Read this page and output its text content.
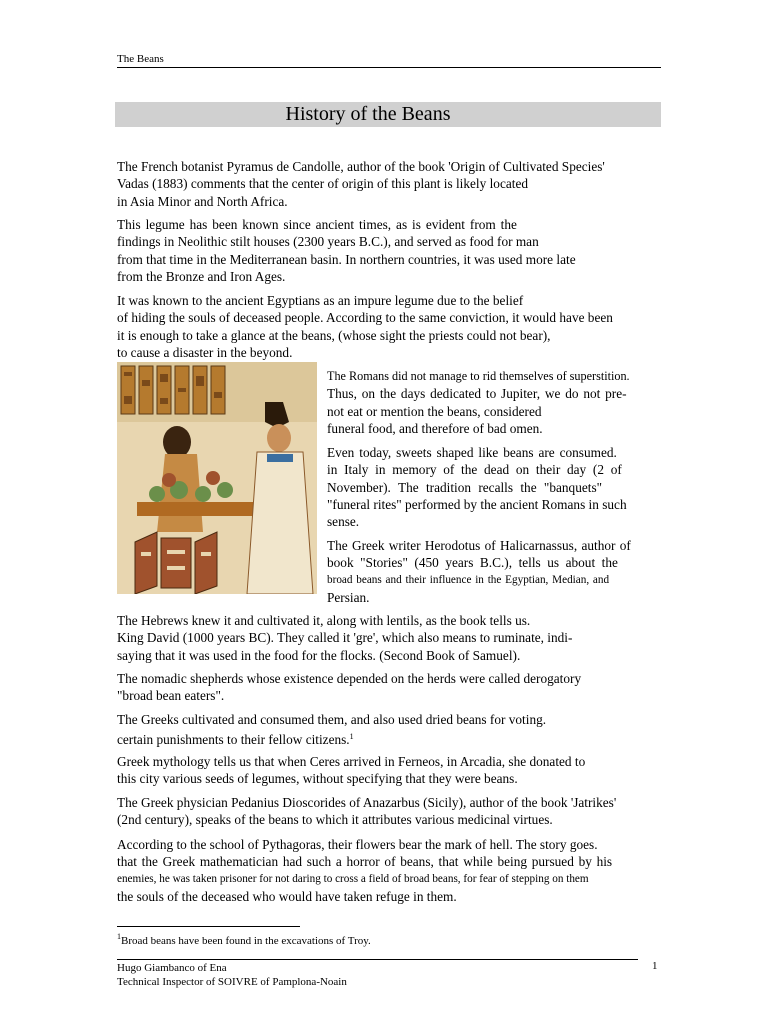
The Beans
History of the Beans
The French botanist Pyramus de Candolle, author of the book 'Origin of Cultivated Species'
Vadas (1883) comments that the center of origin of this plant is likely located
in Asia Minor and North Africa.
This legume has been known since ancient times, as is evident from the
findings in Neolithic stilt houses (2300 years B.C.), and served as food for man
from that time in the Mediterranean basin. In northern countries, it was used more late
from the Bronze and Iron Ages.
It was known to the ancient Egyptians as an impure legume due to the belief
of hiding the souls of deceased people. According to the same conviction, it would have been
it is enough to take a glance at the beans, (whose sight the priests could not bear),
to cause a disaster in the beyond.
The Romans did not manage to rid themselves of superstition.
Thus, on the days dedicated to Jupiter, we do not pre-
not eat or mention the beans, considered
funeral food, and therefore of bad omen.
Even today, sweets shaped like beans are consumed.
in Italy in memory of the dead on their day (2 of
November). The tradition recalls the "banquets"
"funeral rites" performed by the ancient Romans in such
sense.
The Greek writer Herodotus of Halicarnassus, author of
book "Stories" (450 years B.C.), tells us about the
broad beans and their influence in the Egyptian, Median, and
Persian.
The Hebrews knew it and cultivated it, along with lentils, as the book tells us.
King David (1000 years BC). They called it 'gre', which also means to ruminate, indi-
saying that it was used in the food for the flocks. (Second Book of Samuel).
The nomadic shepherds whose existence depended on the herds were called derogatory
"broad bean eaters".
The Greeks cultivated and consumed them, and also used dried beans for voting.
certain punishments to their fellow citizens.$^1$
Greek mythology tells us that when Ceres arrived in Ferneos, in Arcadia, she donated to
this city various seeds of legumes, without specifying that they were beans.
The Greek physician Pedanius Dioscorides of Anazarbus (Sicily), author of the book 'Jatrikes'
(2nd century), speaks of the beans to which it attributes various medicinal virtues.
According to the school of Pythagoras, their flowers bear the mark of hell. The story goes.
that the Greek mathematician had such a horror of beans, that while being pursued by his
enemies, he was taken prisoner for not daring to cross a field of broad beans, for fear of stepping on them
the souls of the deceased who would have taken refuge in them.
$^1$Broad beans have been found in the excavations of Troy.
Hugo Giambanco of Ena
Technical Inspector of SOIVRE of Pamplona-Noain
1
